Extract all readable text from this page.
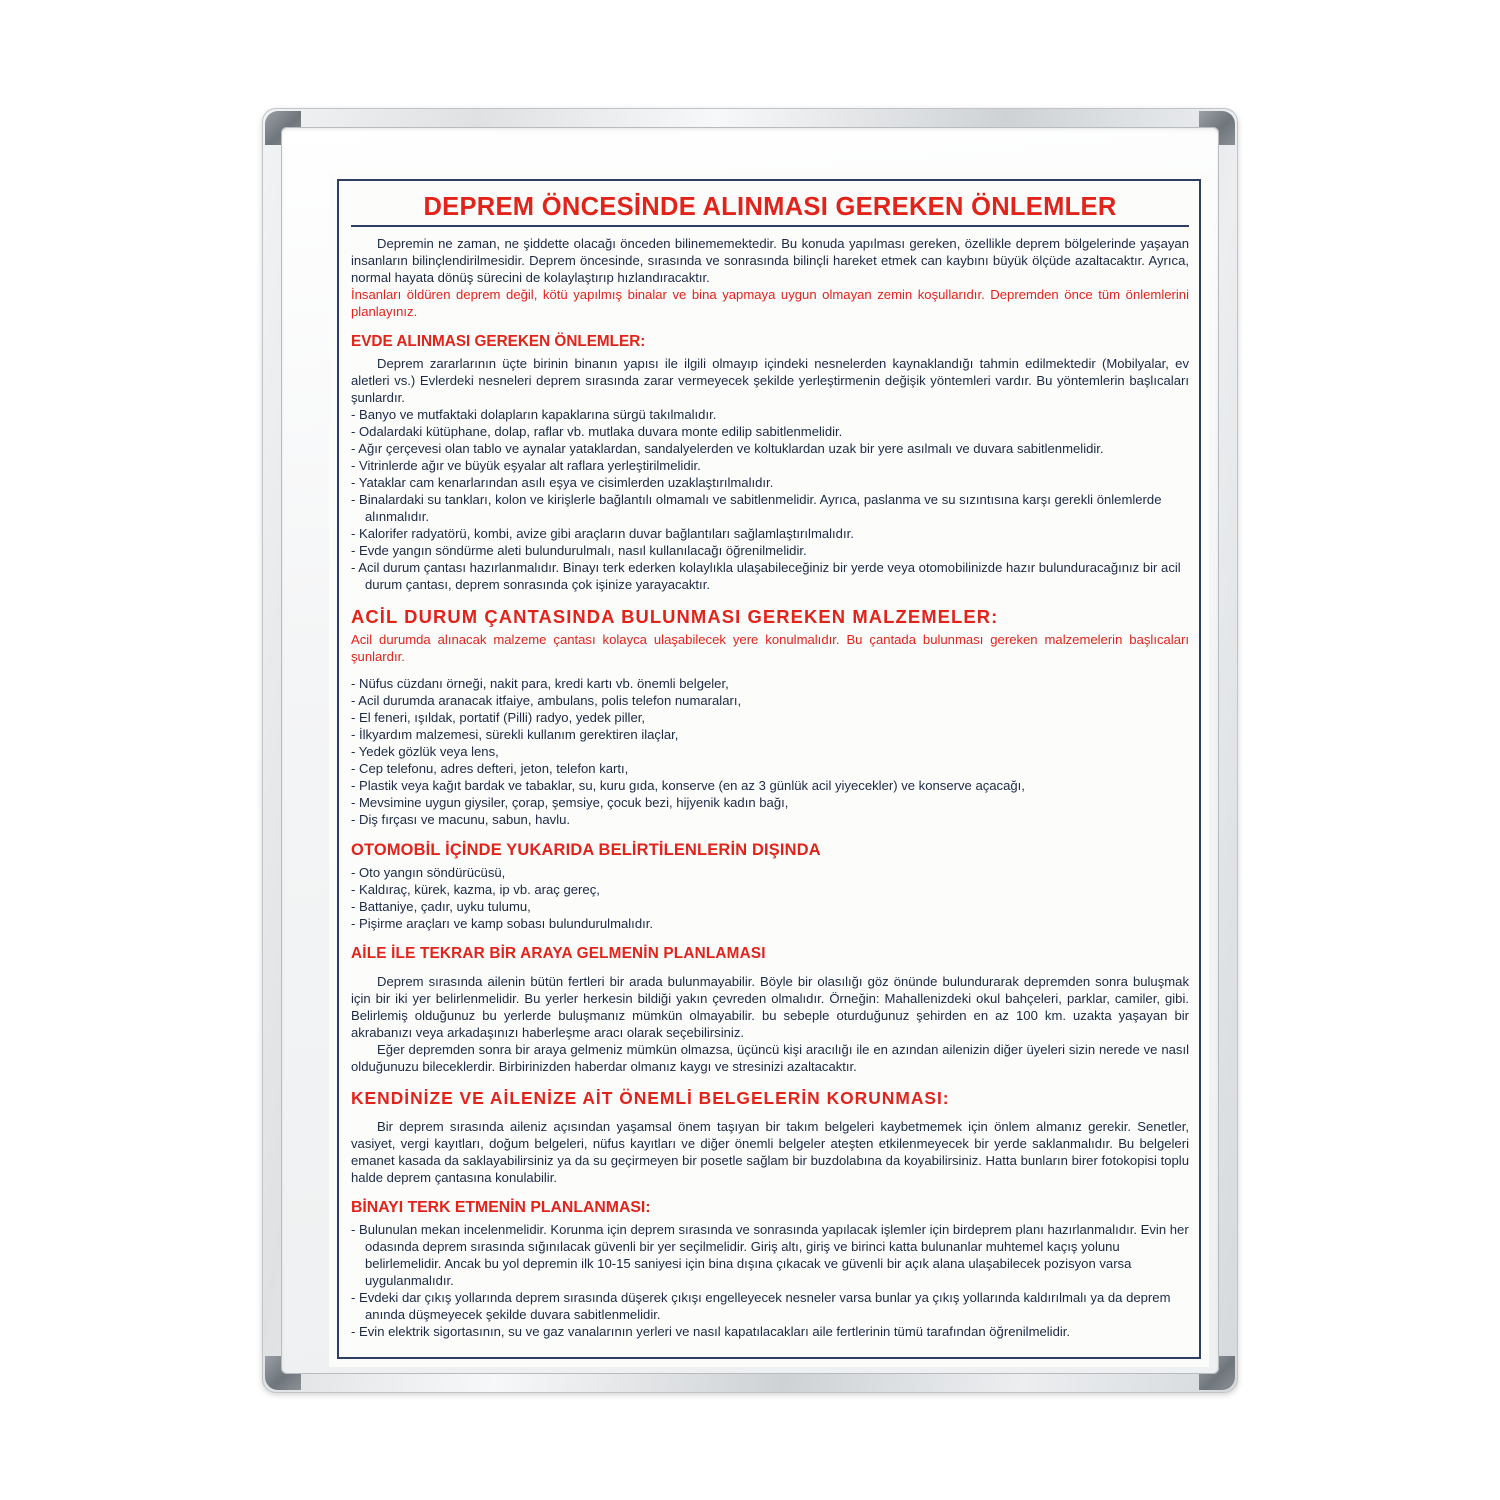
DEPREM ÖNCESİNDE ALINMASI GEREKEN ÖNLEMLER

Depremin ne zaman, ne şiddette olacağı önceden bilinememektedir. Bu konuda yapılması gereken, özellikle deprem bölgelerinde yaşayan insanların bilinçlendirilmesidir. Deprem öncesinde, sırasında ve sonrasında bilinçli hareket etmek can kaybını büyük ölçüde azaltacaktır. Ayrıca, normal hayata dönüş sürecini de kolaylaştırıp hızlandıracaktır.

İnsanları öldüren deprem değil, kötü yapılmış binalar ve bina yapmaya uygun olmayan zemin koşullarıdır. Depremden önce tüm önlemlerini planlayınız.

EVDE ALINMASI GEREKEN ÖNLEMLER:

Deprem zararlarının üçte birinin binanın yapısı ile ilgili olmayıp içindeki nesnelerden kaynaklandığı tahmin edilmektedir (Mobilyalar, ev aletleri vs.) Evlerdeki nesneleri deprem sırasında zarar vermeyecek şekilde yerleştirmenin değişik yöntemleri vardır. Bu yöntemlerin başlıcaları şunlardır.

- Banyo ve mutfaktaki dolapların kapaklarına sürgü takılmalıdır.
- Odalardaki kütüphane, dolap, raflar vb. mutlaka duvara monte edilip sabitlenmelidir.
- Ağır çerçevesi olan tablo ve aynalar yataklardan, sandalyelerden ve koltuklardan uzak bir yere asılmalı ve duvara sabitlenmelidir.
- Vitrinlerde ağır ve büyük eşyalar alt raflara yerleştirilmelidir.
- Yataklar cam kenarlarından asılı eşya ve cisimlerden uzaklaştırılmalıdır.
- Binalardaki su tankları, kolon ve kirişlerle bağlantılı olmamalı ve sabitlenmelidir. Ayrıca, paslanma ve su sızıntısına karşı gerekli önlemlerde alınmalıdır.
- Kalorifer radyatörü, kombi, avize gibi araçların duvar bağlantıları sağlamlaştırılmalıdır.
- Evde yangın söndürme aleti bulundurulmalı, nasıl kullanılacağı öğrenilmelidir.
- Acil durum çantası hazırlanmalıdır. Binayı terk ederken kolaylıkla ulaşabileceğiniz bir yerde veya otomobilinizde hazır bulunduracağınız bir acil durum çantası, deprem sonrasında çok işinize yarayacaktır.
ACİL DURUM ÇANTASINDA BULUNMASI GEREKEN MALZEMELER:

Acil durumda alınacak malzeme çantası kolayca ulaşabilecek yere konulmalıdır. Bu çantada bulunması gereken malzemelerin başlıcaları şunlardır.

- Nüfus cüzdanı örneği, nakit para, kredi kartı vb. önemli belgeler,
- Acil durumda aranacak itfaiye, ambulans, polis telefon numaraları,
- El feneri, ışıldak, portatif (Pilli) radyo, yedek piller,
- İlkyardım malzemesi, sürekli kullanım gerektiren ilaçlar,
- Yedek gözlük veya lens,
- Cep telefonu, adres defteri, jeton, telefon kartı,
- Plastik veya kağıt bardak ve tabaklar, su, kuru gıda, konserve (en az 3 günlük acil yiyecekler) ve konserve açacağı,
- Mevsimine uygun giysiler, çorap, şemsiye, çocuk bezi, hijyenik kadın bağı,
- Diş fırçası ve macunu, sabun, havlu.
OTOMOBİL İÇİNDE YUKARIDA BELİRTİLENLERİN DIŞINDA
- Oto yangın söndürücüsü,
- Kaldıraç, kürek, kazma, ip vb. araç gereç,
- Battaniye, çadır, uyku tulumu,
- Pişirme araçları ve kamp sobası bulundurulmalıdır.
AİLE İLE TEKRAR BİR ARAYA GELMENİN PLANLAMASI

Deprem sırasında ailenin bütün fertleri bir arada bulunmayabilir. Böyle bir olasılığı göz önünde bulundurarak depremden sonra buluşmak için bir iki yer belirlenmelidir. Bu yerler herkesin bildiği yakın çevreden olmalıdır. Örneğin: Mahallenizdeki okul bahçeleri, parklar, camiler, gibi. Belirlemiş olduğunuz bu yerlerde buluşmanız mümkün olmayabilir. bu sebeple oturduğunuz şehirden en az 100 km. uzakta yaşayan bir akrabanızı veya arkadaşınızı haberleşme aracı olarak seçebilirsiniz.

Eğer depremden sonra bir araya gelmeniz mümkün olmazsa, üçüncü kişi aracılığı ile en azından ailenizin diğer üyeleri sizin nerede ve nasıl olduğunuzu bileceklerdir. Birbirinizden haberdar olmanız kaygı ve stresinizi azaltacaktır.

KENDİNİZE VE AİLENİZE AİT ÖNEMLİ BELGELERİN KORUNMASI:

Bir deprem sırasında aileniz açısından yaşamsal önem taşıyan bir takım belgeleri kaybetmemek için önlem almanız gerekir. Senetler, vasiyet, vergi kayıtları, doğum belgeleri, nüfus kayıtları ve diğer önemli belgeler ateşten etkilenmeyecek bir yerde saklanmalıdır. Bu belgeleri emanet kasada da saklayabilirsiniz ya da su geçirmeyen bir posetle sağlam bir buzdolabına da koyabilirsiniz. Hatta bunların birer fotokopisi toplu halde deprem çantasına konulabilir.

BİNAYI TERK ETMENİN PLANLANMASI:
- Bulunulan mekan incelenmelidir. Korunma için deprem sırasında ve sonrasında yapılacak işlemler için birdeprem planı hazırlanmalıdır. Evin her odasında deprem sırasında sığınılacak güvenli bir yer seçilmelidir. Giriş altı, giriş ve birinci katta bulunanlar muhtemel kaçış yolunu belirlemelidir. Ancak bu yol depremin ilk 10-15 saniyesi için bina dışına çıkacak ve güvenli bir açık alana ulaşabilecek pozisyon varsa uygulanmalıdır.
- Evdeki dar çıkış yollarında deprem sırasında düşerek çıkışı engelleyecek nesneler varsa bunlar ya çıkış yollarında kaldırılmalı ya da deprem anında düşmeyecek şekilde duvara sabitlenmelidir.
- Evin elektrik sigortasının, su ve gaz vanalarının yerleri ve nasıl kapatılacakları aile fertlerinin tümü tarafından öğrenilmelidir.
